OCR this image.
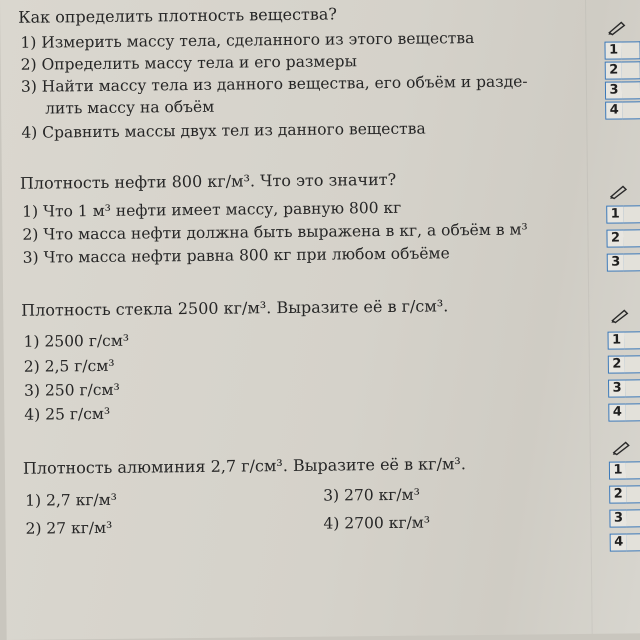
Как определить плотность вещества?
1) Измерить массу тела, сделанного из этого вещества
2) Определить массу тела и его размеры
3) Найти массу тела из данного вещества, его объём и разде-
лить массу на объём
4) Сравнить массы двух тел из данного вещества
Плотность нефти 800 кг/м³. Что это значит?
1) Что 1 м³ нефти имеет массу, равную 800 кг
2) Что масса нефти должна быть выражена в кг, а объём в м³
3) Что масса нефти равна 800 кг при любом объёме
Плотность стекла 2500 кг/м³. Выразите её в г/см³.
1) 2500 г/см³
2) 2,5 г/см³
3) 250 г/см³
4) 25 г/см³
Плотность алюминия 2,7 г/см³. Выразите её в кг/м³.
1) 2,7 кг/м³	3) 270 кг/м³
2) 27 кг/м³	4) 2700 кг/м³
1
2
3
4
1
2
3
1
2
3
4
1
2
3
4
